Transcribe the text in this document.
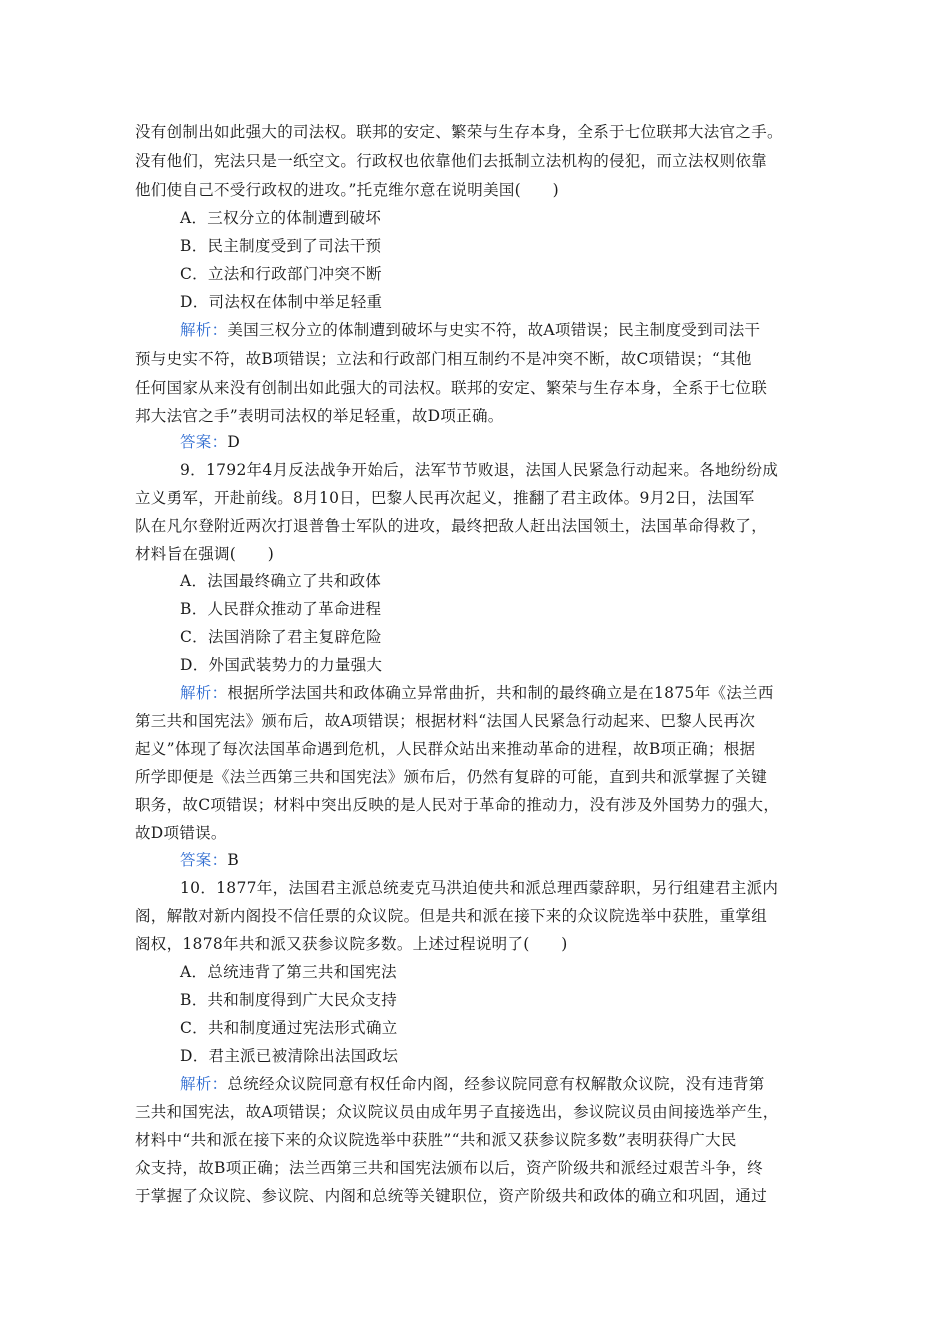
没有创制出如此强大的司法权。联邦的安定、繁荣与生存本身，全系于七位联邦大法官之手。
没有他们，宪法只是一纸空文。行政权也依靠他们去抵制立法机构的侵犯，而立法权则依靠
他们使自己不受行政权的进攻。”托克维尔意在说明美国(　　)
A．三权分立的体制遭到破坏
B．民主制度受到了司法干预
C．立法和行政部门冲突不断
D．司法权在体制中举足轻重
解析：美国三权分立的体制遭到破坏与史实不符，故A项错误；民主制度受到司法干
预与史实不符，故B项错误；立法和行政部门相互制约不是冲突不断，故C项错误；“其他
任何国家从来没有创制出如此强大的司法权。联邦的安定、繁荣与生存本身，全系于七位联
邦大法官之手”表明司法权的举足轻重，故D项正确。
答案：D
9．1792年4月反法战争开始后，法军节节败退，法国人民紧急行动起来。各地纷纷成
立义勇军，开赴前线。8月10日，巴黎人民再次起义，推翻了君主政体。9月2日，法国军
队在凡尔登附近两次打退普鲁士军队的进攻，最终把敌人赶出法国领土，法国革命得救了，
材料旨在强调(　　)
A．法国最终确立了共和政体
B．人民群众推动了革命进程
C．法国消除了君主复辟危险
D．外国武装势力的力量强大
解析：根据所学法国共和政体确立异常曲折，共和制的最终确立是在1875年《法兰西
第三共和国宪法》颁布后，故A项错误；根据材料“法国人民紧急行动起来、巴黎人民再次
起义”体现了每次法国革命遇到危机，人民群众站出来推动革命的进程，故B项正确；根据
所学即便是《法兰西第三共和国宪法》颁布后，仍然有复辟的可能，直到共和派掌握了关键
职务，故C项错误；材料中突出反映的是人民对于革命的推动力，没有涉及外国势力的强大，
故D项错误。
答案：B
10．1877年，法国君主派总统麦克马洪迫使共和派总理西蒙辞职，另行组建君主派内
阁，解散对新内阁投不信任票的众议院。但是共和派在接下来的众议院选举中获胜，重掌组
阁权，1878年共和派又获参议院多数。上述过程说明了(　　)
A．总统违背了第三共和国宪法
B．共和制度得到广大民众支持
C．共和制度通过宪法形式确立
D．君主派已被清除出法国政坛
解析：总统经众议院同意有权任命内阁，经参议院同意有权解散众议院，没有违背第
三共和国宪法，故A项错误；众议院议员由成年男子直接选出，参议院议员由间接选举产生，
材料中“共和派在接下来的众议院选举中获胜”“共和派又获参议院多数”表明获得广大民
众支持，故B项正确；法兰西第三共和国宪法颁布以后，资产阶级共和派经过艰苦斗争，终
于掌握了众议院、参议院、内阁和总统等关键职位，资产阶级共和政体的确立和巩固，通过
